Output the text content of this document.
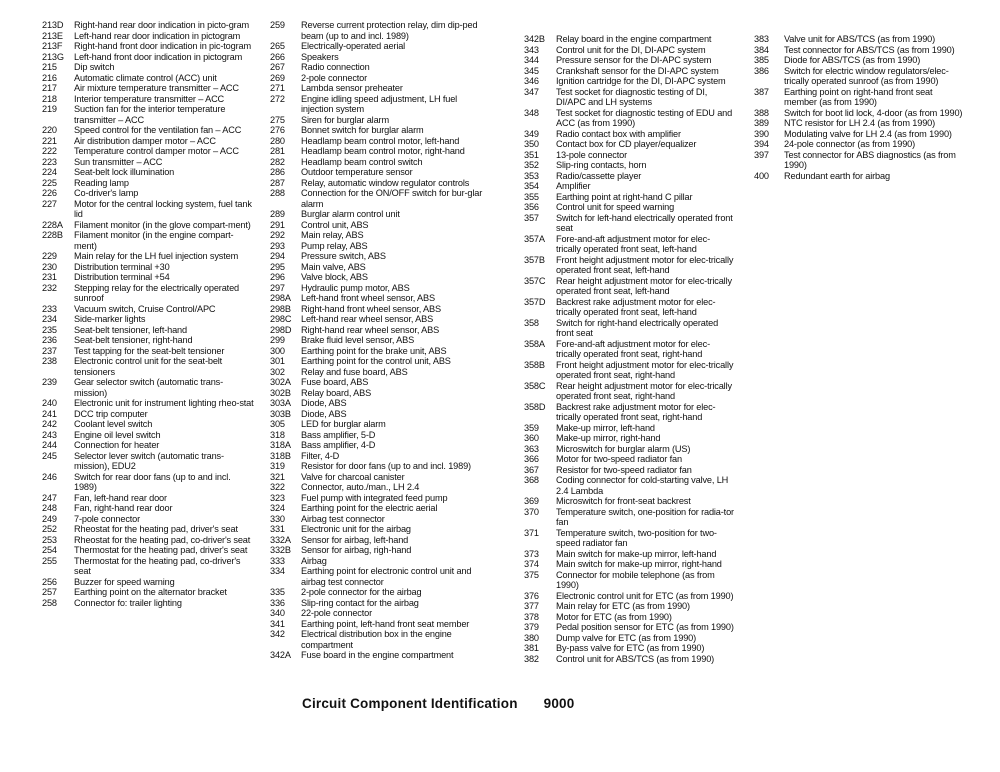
213D	Right-hand rear door indication in picto-gram
213E	Left-hand rear door indication in pictogram
213F	Right-hand front door indication in pic-togram
213G	Left-hand front door indication in pictogram
215	Dip switch
216	Automatic climate control (ACC) unit
217	Air mixture temperature transmitter – ACC
218	Interior temperature transmitter – ACC
219	Suction fan for the interior temperature transmitter – ACC
220	Speed control for the ventilation fan – ACC
221	Air distribution damper motor – ACC
222	Temperature control damper motor – ACC
223	Sun transmitter – ACC
224	Seat-belt lock illumination
225	Reading lamp
226	Co-driver's lamp
227	Motor for the central locking system, fuel tank lid
228A	Filament monitor (in the glove compart-ment)
228B	Filament monitor (in the engine compart-ment)
229	Main relay for the LH fuel injection system
230	Distribution terminal +30
231	Distribution terminal +54
232	Stepping relay for the electrically operated sunroof
233	Vacuum switch, Cruise Control/APC
234	Side-marker lights
235	Seat-belt tensioner, left-hand
236	Seat-belt tensioner, right-hand
237	Test tapping for the seat-belt tensioner
238	Electronic control unit for the seat-belt tensioners
239	Gear selector switch (automatic trans-mission)
240	Electronic unit for instrument lighting rheo-stat
241	DCC trip computer
242	Coolant level switch
243	Engine oil level switch
244	Connection for heater
245	Selector lever switch (automatic trans-mission), EDU2
246	Switch for rear door fans (up to and incl. 1989)
247	Fan, left-hand rear door
248	Fan, right-hand rear door
249	7-pole connector
252	Rheostat for the heating pad, driver's seat
253	Rheostat for the heating pad, co-driver's seat
254	Thermostat for the heating pad, driver's seat
255	Thermostat for the heating pad, co-driver's seat
256	Buzzer for speed warning
257	Earthing point on the alternator bracket
258	Connector fo: trailer lighting
259	Reverse current protection relay, dim dip-ped beam (up to and incl. 1989)
265	Electrically-operated aerial
266	Speakers
267	Radio connection
269	2-pole connector
271	Lambda sensor preheater
272	Engine idling speed adjustment, LH fuel injection system
275	Siren for burglar alarm
276	Bonnet switch for burglar alarm
280	Headlamp beam control motor, left-hand
281	Headlamp beam control motor, right-hand
282	Headlamp beam control switch
286	Outdoor temperature sensor
287	Relay, automatic window regulator controls
288	Connection for the ON/OFF switch for bur-glar alarm
289	Burglar alarm control unit
291	Control unit, ABS
292	Main relay, ABS
293	Pump relay, ABS
294	Pressure switch, ABS
295	Main valve, ABS
296	Valve block, ABS
297	Hydraulic pump motor, ABS
298A	Left-hand front wheel sensor, ABS
298B	Right-hand front wheel sensor, ABS
298C	Left-hand rear wheel sensor, ABS
298D	Right-hand rear wheel sensor, ABS
299	Brake fluid level sensor, ABS
300	Earthing point for the brake unit, ABS
301	Earthing point for the control unit, ABS
302	Relay and fuse board, ABS
302A	Fuse board, ABS
302B	Relay board, ABS
303A	Diode, ABS
303B	Diode, ABS
305	LED for burglar alarm
318	Bass amplifier, 5-D
318A	Bass amplifier, 4-D
318B	Filter, 4-D
319	Resistor for door fans (up to and incl. 1989)
321	Valve for charcoal canister
322	Connector, auto./man., LH 2.4
323	Fuel pump with integrated feed pump
324	Earthing point for the electric aerial
330	Airbag test connector
331	Electronic unit for the airbag
332A	Sensor for airbag, left-hand
332B	Sensor for airbag, righ-hand
333	Airbag
334	Earthing point for electronic control unit and airbag test connector
335	2-pole connector for the airbag
336	Slip-ring contact for the airbag
340	22-pole connector
341	Earthing point, left-hand front seat member
342	Electrical distribution box in the engine compartment
342A	Fuse board in the engine compartment
342B	Relay board in the engine compartment
343	Control unit for the DI, DI-APC system
344	Pressure sensor for the DI-APC system
345	Crankshaft sensor for the DI-APC system
346	Ignition cartridge for the DI, DI-APC system
347	Test socket for diagnostic testing of DI, DI/APC and LH systems
348	Test socket for diagnostic testing of EDU and ACC (as from 1990)
349	Radio contact box with amplifier
350	Contact box for CD player/equalizer
351	13-pole connector
352	Slip-ring contacts, horn
353	Radio/cassette player
354	Amplifier
355	Earthing point at right-hand C pillar
356	Control unit for speed warning
357	Switch for left-hand electrically operated front seat
357A	Fore-and-aft adjustment motor for elec-trically operated front seat, left-hand
357B	Front height adjustment motor for elec-trically operated front seat, left-hand
357C	Rear height adjustment motor for elec-trically operated front seat, left-hand
357D	Backrest rake adjustment motor for elec-trically operated front seat, left-hand
358	Switch for right-hand electrically operated front seat
358A	Fore-and-aft adjustment motor for elec-trically operated front seat, right-hand
358B	Front height adjustment motor for elec-trically operated front seat, right-hand
358C	Rear height adjustment motor for elec-trically operated front seat, right-hand
358D	Backrest rake adjustment motor for elec-trically operated front seat, right-hand
359	Make-up mirror, left-hand
360	Make-up mirror, right-hand
363	Microswitch for burglar alarm (US)
366	Motor for two-speed radiator fan
367	Resistor for two-speed radiator fan
368	Coding connector for cold-starting valve, LH 2.4 Lambda
369	Microswitch for front-seat backrest
370	Temperature switch, one-position for radia-tor fan
371	Temperature switch, two-position for two-speed radiator fan
373	Main switch for make-up mirror, left-hand
374	Main switch for make-up mirror, right-hand
375	Connector for mobile telephone (as from 1990)
376	Electronic control unit for ETC (as from 1990)
377	Main relay for ETC (as from 1990)
378	Motor for ETC (as from 1990)
379	Pedal position sensor for ETC (as from 1990)
380	Dump valve for ETC (as from 1990)
381	By-pass valve for ETC (as from 1990)
382	Control unit for ABS/TCS (as from 1990)
383	Valve unit for ABS/TCS (as from 1990)
384	Test connector for ABS/TCS (as from 1990)
385	Diode for ABS/TCS (as from 1990)
386	Switch for electric window regulators/elec-trically operated sunroof (as from 1990)
387	Earthing point on right-hand front seat member (as from 1990)
388	Switch for boot lid lock, 4-door (as from 1990)
389	NTC resistor for LH 2.4 (as from 1990)
390	Modulating valve for LH 2.4 (as from 1990)
394	24-pole connector (as from 1990)
397	Test connector for ABS diagnostics (as from 1990)
400	Redundant earth for airbag
Circuit Component Identification 9000
